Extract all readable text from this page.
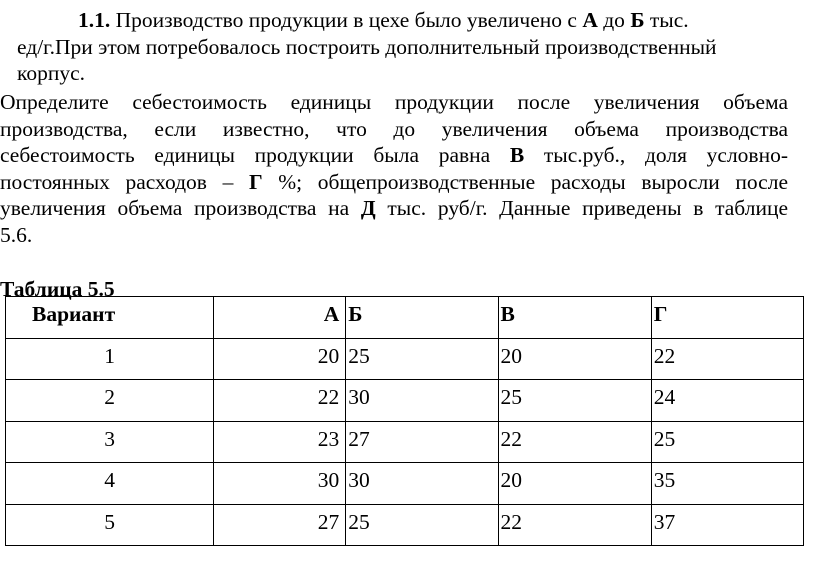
1.1. Производство продукции в цехе было увеличено с А до Б тыс.
ед/г.При этом потребовалось построить дополнительный производственный
корпус.
Определите себестоимость единицы продукции после увеличения объема
производства, если известно, что до увеличения объема производства
себестоимость единицы продукции была равна В тыс.руб., доля условно-
постоянных расходов – Г %; общепроизводственные расходы выросли после
увеличения объема производства на Д тыс. руб/г. Данные приведены в таблице
5.6.
Таблица 5.5
Вариант	А	Б	В	Г

1	20	25	20	22

2	22	30	25	24

3	23	27	22	25

4	30	30	20	35

5	27	25	22	37
